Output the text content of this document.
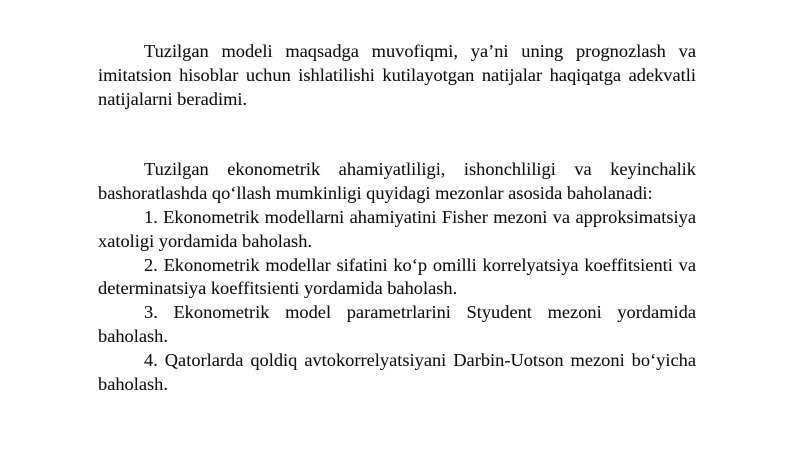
Tuzilgan modeli maqsadga muvofiqmi, ya’ni uning prognozlash va imitatsion hisoblar uchun ishlatilishi kutilayotgan natijalar haqiqatga adekvatli natijalarni beradimi.

Tuzilgan ekonometrik ahamiyatliligi, ishonchliligi va keyinchalik bashoratlashda qo‘llash mumkinligi quyidagi mezonlar asosida baholanadi:

1. Ekonometrik modellarni ahamiyatini Fisher mezoni va approksimatsiya xatoligi yordamida baholash.

2. Ekonometrik modellar sifatini ko‘p omilli korrelyatsiya koeffitsienti va determinatsiya koeffitsienti yordamida baholash.

3. Ekonometrik model parametrlarini Styudent mezoni yordamida baholash.

4. Qatorlarda qoldiq avtokorrelyatsiyani Darbin-Uotson mezoni bo‘yicha baholash.
